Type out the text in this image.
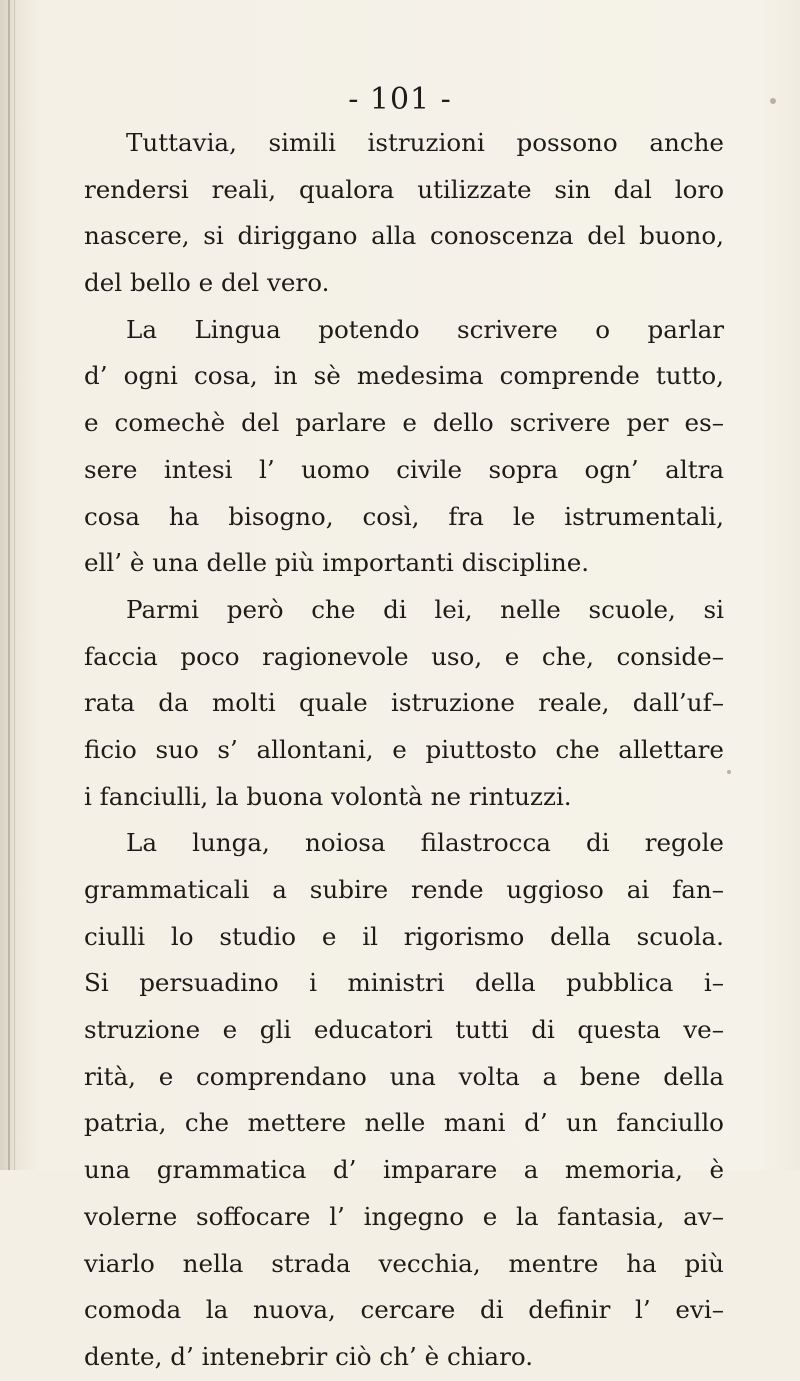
- 101 -
Tuttavia, simili istruzioni possono anche
rendersi reali, qualora utilizzate sin dal loro
nascere, si diriggano alla conoscenza del buono,
del bello e del vero.
La Lingua potendo scrivere o parlar
d’ ogni cosa, in sè medesima comprende tutto,
e comechè del parlare e dello scrivere per es–
sere intesi l’ uomo civile sopra ogn’ altra
cosa ha bisogno, così, fra le istrumentali,
ell’ è una delle più importanti discipline.
Parmi però che di lei, nelle scuole, si
faccia poco ragionevole uso, e che, conside–
rata da molti quale istruzione reale, dall’uf–
ficio suo s’ allontani, e piuttosto che allettare
i fanciulli, la buona volontà ne rintuzzi.
La lunga, noiosa filastrocca di regole
grammaticali a subire rende uggioso ai fan–
ciulli lo studio e il rigorismo della scuola.
Si persuadino i ministri della pubblica i–
struzione e gli educatori tutti di questa ve–
rità, e comprendano una volta a bene della
patria, che mettere nelle mani d’ un fanciullo
una grammatica d’ imparare a memoria, è
volerne soffocare l’ ingegno e la fantasia, av–
viarlo nella strada vecchia, mentre ha più
comoda la nuova, cercare di definir l’ evi–
dente, d’ intenebrir ciò ch’ è chiaro.
